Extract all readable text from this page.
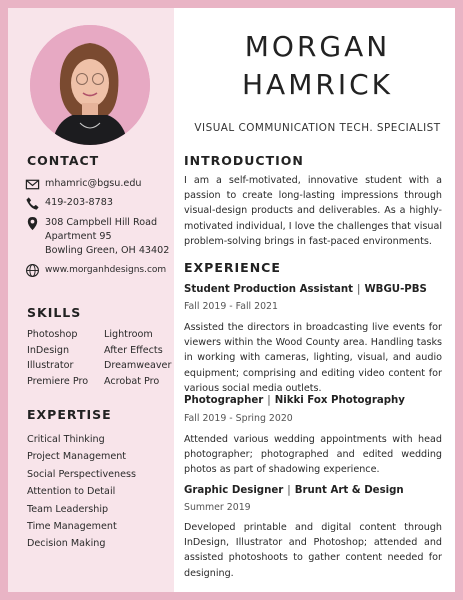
CONTACT
mhamric@bgsu.edu
419-203-8783
308 Campbell Hill Road
Apartment 95
Bowling Green, OH 43402
www.morganhdesigns.com
SKILLS
Photoshop
InDesign
Illustrator
Premiere Pro
Lightroom
After Effects
Dreamweaver
Acrobat Pro
EXPERTISE
Critical Thinking
Project Management
Social Perspectiveness
Attention to Detail
Team Leadership
Time Management
Decision Making
MORGAN
HAMRICK
VISUAL COMMUNICATION TECH. SPECIALIST
INTRODUCTION
I am a self-motivated, innovative student with a passion to create long-lasting impressions through visual-design products and deliverables. As a highly-motivated individual, I love the challenges that visual problem-solving brings in fast-paced environments.
EXPERIENCE
Student Production Assistant | WBGU-PBS
Fall 2019 - Fall 2021
Assisted the directors in broadcasting live events for viewers within the Wood County area. Handling tasks in working with cameras, lighting, visual, and audio equipment; comprising and editing video content for various social media outlets.
Photographer | Nikki Fox Photography
Fall 2019 - Spring 2020
Attended various wedding appointments with head photographer; photographed and edited wedding photos as part of shadowing experience.
Graphic Designer | Brunt Art & Design
Summer 2019
Developed printable and digital content through InDesign, Illustrator and Photoshop; attended and assisted photoshoots to gather content needed for designing.
